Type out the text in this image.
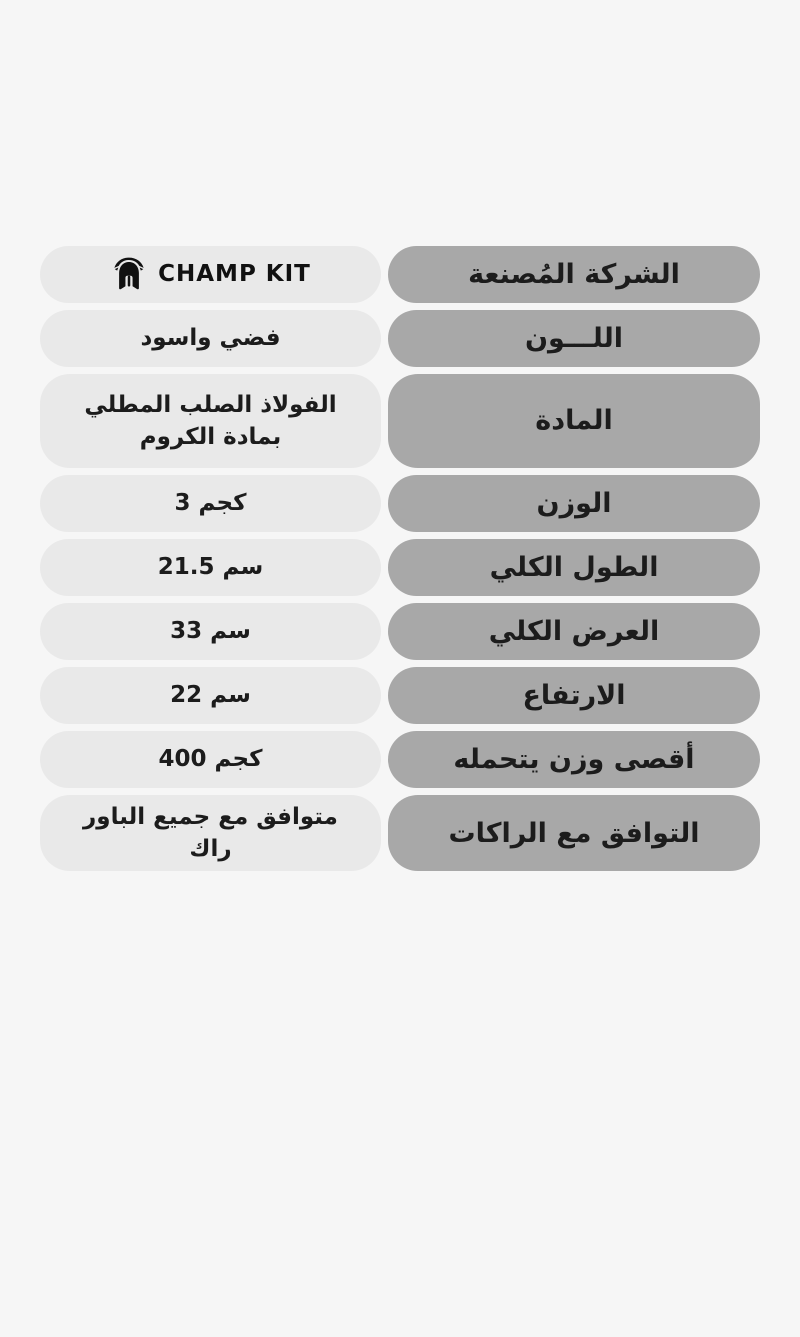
الشركة المُصنعة
CHAMP KIT
اللـــون
فضي واسود
المادة
الفولاذ الصلب المطلي بمادة الكروم
الوزن
3 كجم
الطول الكلي
21.5 سم
العرض الكلي
33 سم
الارتفاع
22 سم
أقصى وزن يتحمله
400 كجم
التوافق مع الراكات
متوافق مع جميع الباور راك
